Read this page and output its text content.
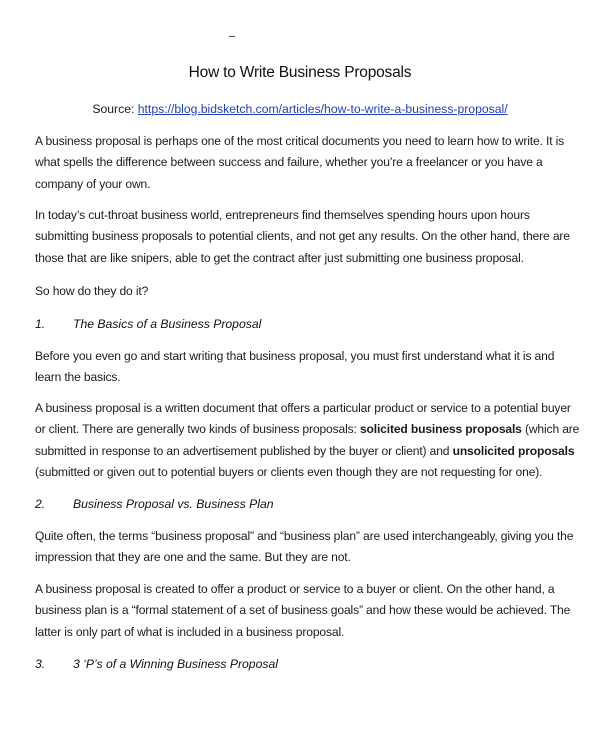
How to Write Business Proposals
Source: https://blog.bidsketch.com/articles/how-to-write-a-business-proposal/
A business proposal is perhaps one of the most critical documents you need to learn how to write. It is
what spells the difference between success and failure, whether you’re a freelancer or you have a
company of your own.
In today’s cut-throat business world, entrepreneurs find themselves spending hours upon hours
submitting business proposals to potential clients, and not get any results. On the other hand, there are
those that are like snipers, able to get the contract after just submitting one business proposal.
So how do they do it?
1. The Basics of a Business Proposal
Before you even go and start writing that business proposal, you must first understand what it is and
learn the basics.
A business proposal is a written document that offers a particular product or service to a potential buyer
or client. There are generally two kinds of business proposals: solicited business proposals (which are
submitted in response to an advertisement published by the buyer or client) and unsolicited proposals
(submitted or given out to potential buyers or clients even though they are not requesting for one).
2. Business Proposal vs. Business Plan
Quite often, the terms “business proposal” and “business plan” are used interchangeably, giving you the
impression that they are one and the same. But they are not.
A business proposal is created to offer a product or service to a buyer or client. On the other hand, a
business plan is a “formal statement of a set of business goals” and how these would be achieved. The
latter is only part of what is included in a business proposal.
3. 3 ‘P’s of a Winning Business Proposal
